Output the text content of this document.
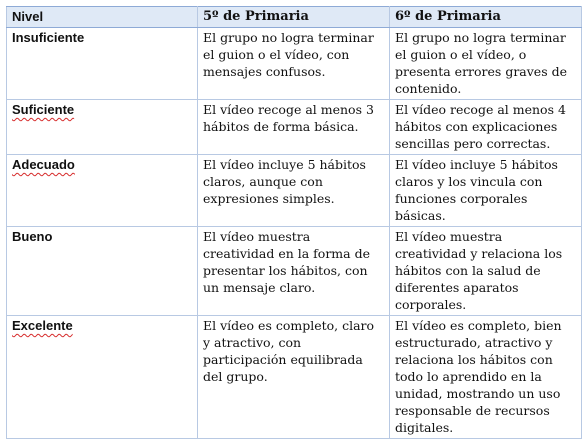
Nivel	5º de Primaria	6º de Primaria
Insuficiente	El grupo no logra terminar el guion o el vídeo, con mensajes confusos.	El grupo no logra terminar el guion o el vídeo, o presenta errores graves de contenido.
Suficiente	El vídeo recoge al menos 3 hábitos de forma básica.	El vídeo recoge al menos 4 hábitos con explicaciones sencillas pero correctas.
Adecuado	El vídeo incluye 5 hábitos claros, aunque con expresiones simples.	El vídeo incluye 5 hábitos claros y los vincula con funciones corporales básicas.
Bueno	El vídeo muestra creatividad en la forma de presentar los hábitos, con un mensaje claro.	El vídeo muestra creatividad y relaciona los hábitos con la salud de diferentes aparatos corporales.
Excelente	El vídeo es completo, claro y atractivo, con participación equilibrada del grupo.	El vídeo es completo, bien estructurado, atractivo y relaciona los hábitos con todo lo aprendido en la unidad, mostrando un uso responsable de recursos digitales.
